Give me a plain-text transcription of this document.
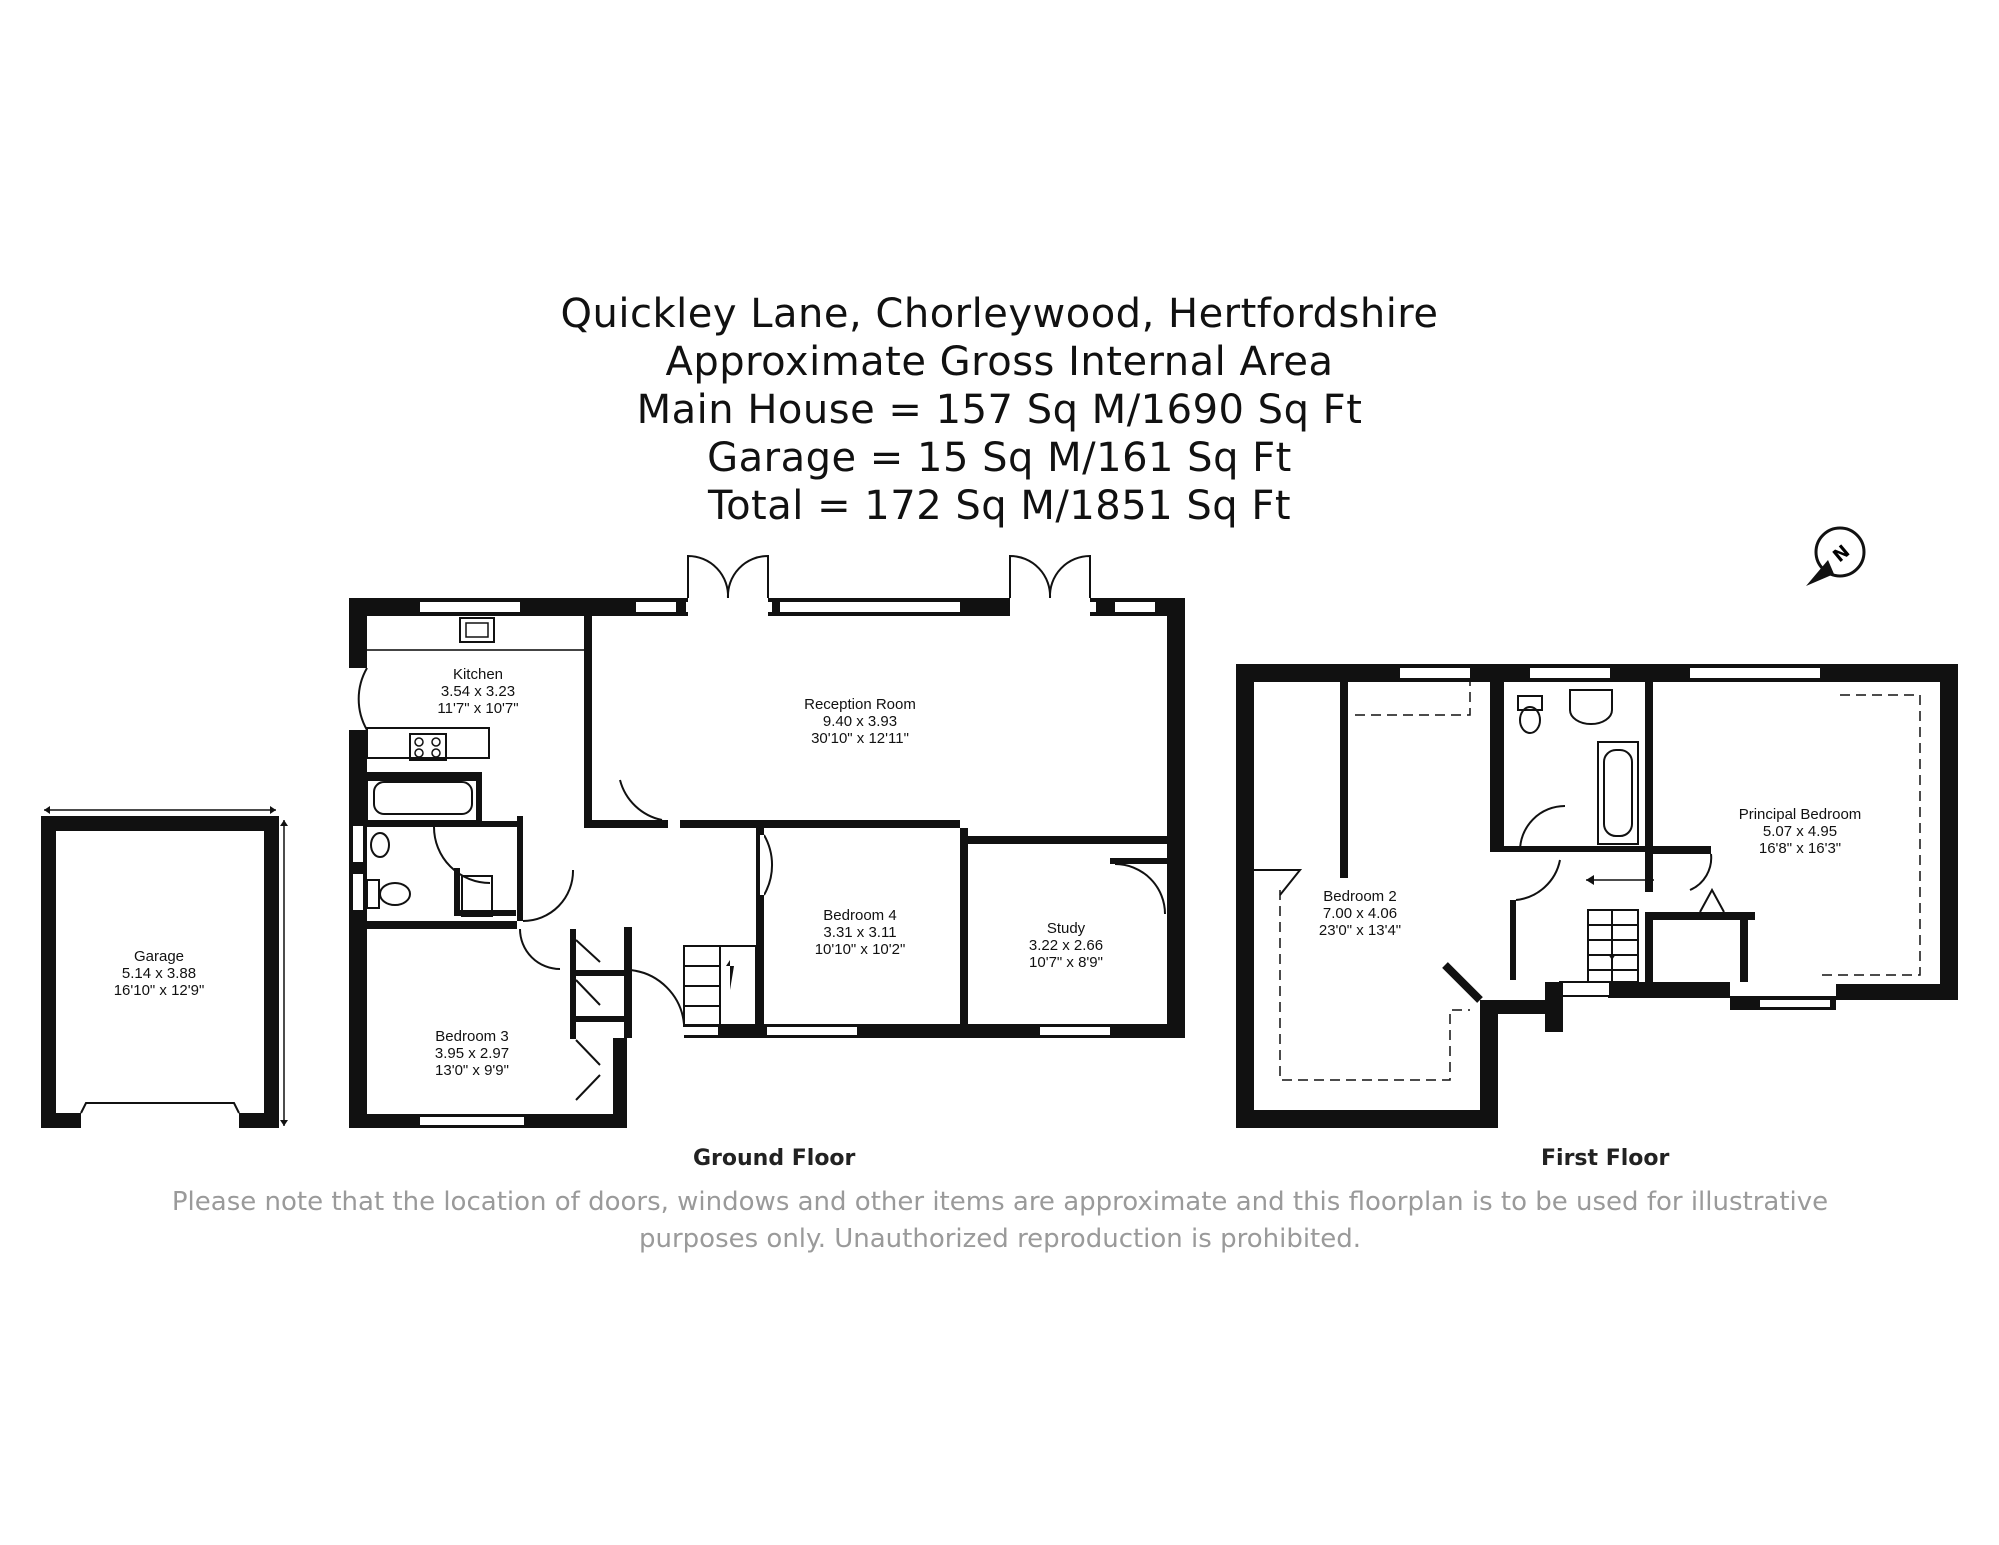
Quickley Lane, Chorleywood, Hertfordshire
Approximate Gross Internal Area
Main House = 157 Sq M/1690 Sq Ft
Garage = 15 Sq M/161 Sq Ft
Total = 172 Sq M/1851 Sq Ft
N
Kitchen
3.54 x 3.23
11'7" x 10'7"	Reception Room
9.40 x 3.93
30'10" x 12'11"
Bedroom 4
3.31 x 3.11
10'10" x 10'2"
Study
3.22 x 2.66
10'7" x 8'9"
Bedroom 3
3.95 x 2.97
13'0" x 9'9"
Garage
5.14 x 3.88
16'10" x 12'9"
Bedroom 2
7.00 x 4.06
23'0" x 13'4"
Principal Bedroom
5.07 x 4.95
16'8" x 16'3"
Ground Floor	First Floor
Please note that the location of doors, windows and other items are approximate and this floorplan is to be used for illustrative
purposes only. Unauthorized reproduction is prohibited.
